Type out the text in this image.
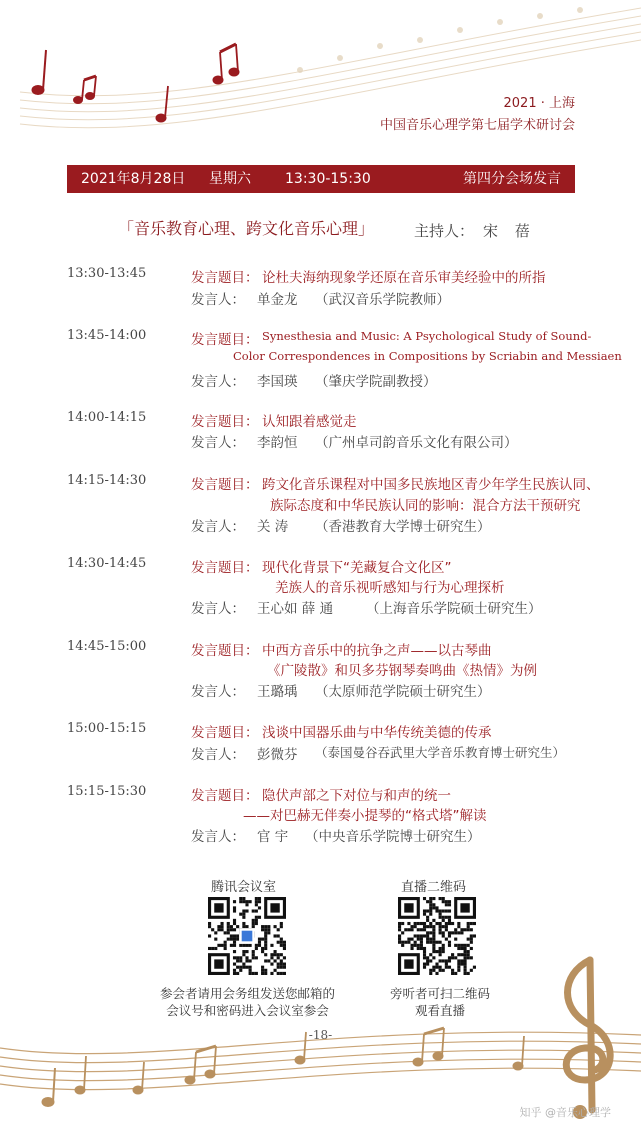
2021 · 上海
中国音乐心理学第七届学术研讨会
2021年8月28日 星期六 13:30-15:30	第四分会场发言
「音乐教育心理、跨文化音乐心理」	主持人： 宋 蓓
13:30-13:45	发言题目： 论杜夫海纳现象学还原在音乐审美经验中的所指
发言人： 单金龙 （武汉音乐学院教师）
13:45-14:00	发言题目： Synesthesia and Music: A Psychological Study of Sound-
Color Correspondences in Compositions by Scriabin and Messiaen
发言人： 李国瑛 （肇庆学院副教授）
14:00-14:15	发言题目： 认知跟着感觉走
发言人： 李韵恒 （广州卓司韵音乐文化有限公司）
14:15-14:30	发言题目： 跨文化音乐课程对中国多民族地区青少年学生民族认同、
族际态度和中华民族认同的影响：混合方法干预研究
发言人： 关 涛 （香港教育大学博士研究生）
14:30-14:45	发言题目： 现代化背景下“羌藏复合文化区”
羌族人的音乐视听感知与行为心理探析
发言人： 王心如 薛 通 （上海音乐学院硕士研究生）
14:45-15:00	发言题目： 中西方音乐中的抗争之声——以古琴曲
《广陵散》和贝多芬钢琴奏鸣曲《热情》为例
发言人： 王璐瑀 （太原师范学院硕士研究生）
15:00-15:15	发言题目： 浅谈中国器乐曲与中华传统美德的传承
发言人： 彭微芬 （泰国曼谷吞武里大学音乐教育博士研究生）
15:15-15:30	发言题目： 隐伏声部之下对位与和声的统一
——对巴赫无伴奏小提琴的“格式塔”解读
发言人： 官 宇 （中央音乐学院博士研究生）
腾讯会议室
参会者请用会务组发送您邮箱的
会议号和密码进入会议室参会
直播二维码
旁听者可扫二维码
观看直播
-18-
知乎 @音乐心理学
